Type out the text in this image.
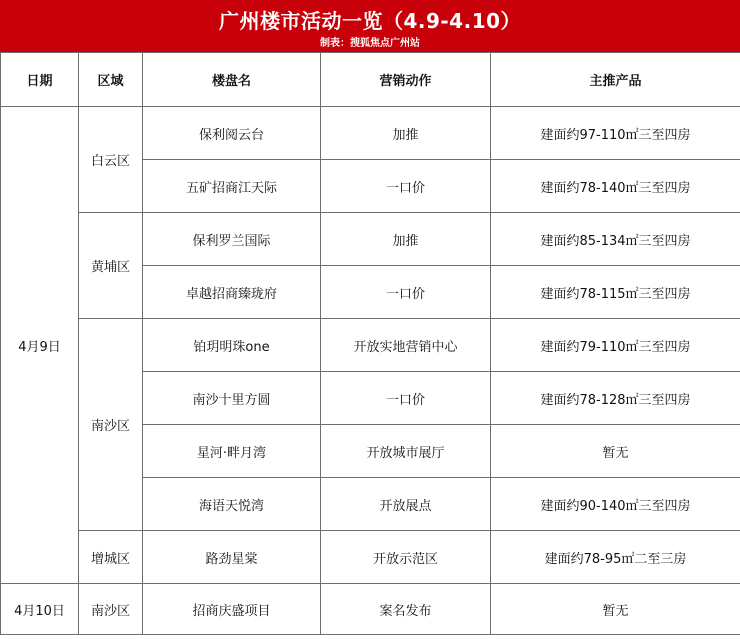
广州楼市活动一览（4.9-4.10）
制表：搜狐焦点广州站
日期	区域	楼盘名	营销动作	主推产品
4月9日	白云区	保利阅云台	加推	建面约97-110㎡三至四房
		五矿招商江天际	一口价	建面约78-140㎡三至四房
	黄埔区	保利罗兰国际	加推	建面约85-134㎡三至四房
		卓越招商臻珑府	一口价	建面约78-115㎡三至四房
	南沙区	铂玥明珠one	开放实地营销中心	建面约79-110㎡三至四房
		南沙十里方圆	一口价	建面约78-128㎡三至四房
		星河·畔月湾	开放城市展厅	暂无
		海语天悦湾	开放展点	建面约90-140㎡三至四房
	增城区	路劲星棠	开放示范区	建面约78-95㎡二至三房
4月10日	南沙区	招商庆盛项目	案名发布	暂无
